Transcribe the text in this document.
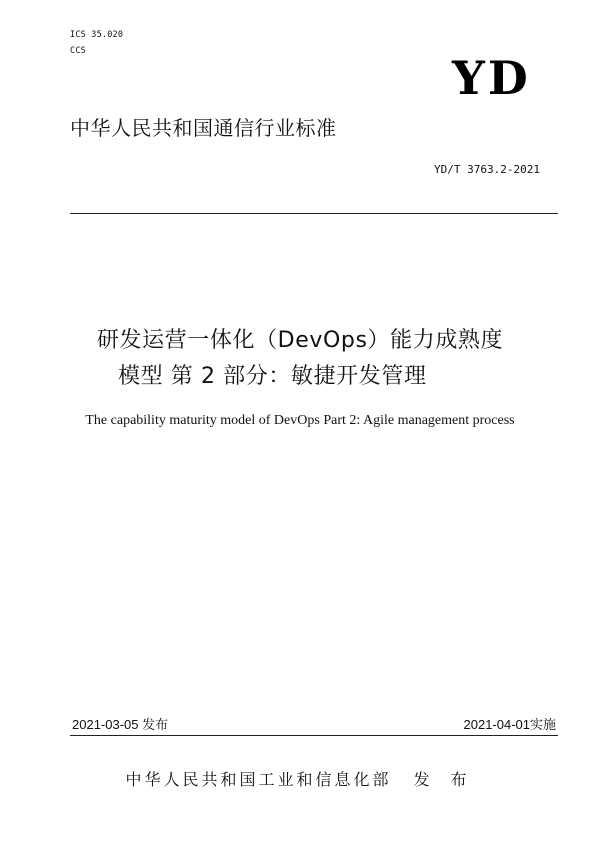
ICS 35.020
CCS	YD
中华人民共和国通信行业标准
YD/T 3763.2-2021
研发运营一体化（DevOps）能力成熟度
模型 第 2 部分：敏捷开发管理
The capability maturity model of DevOps Part 2: Agile management process
2021-03-05 发布	2021-04-01实施
中华人民共和国工业和信息化部 发 布
